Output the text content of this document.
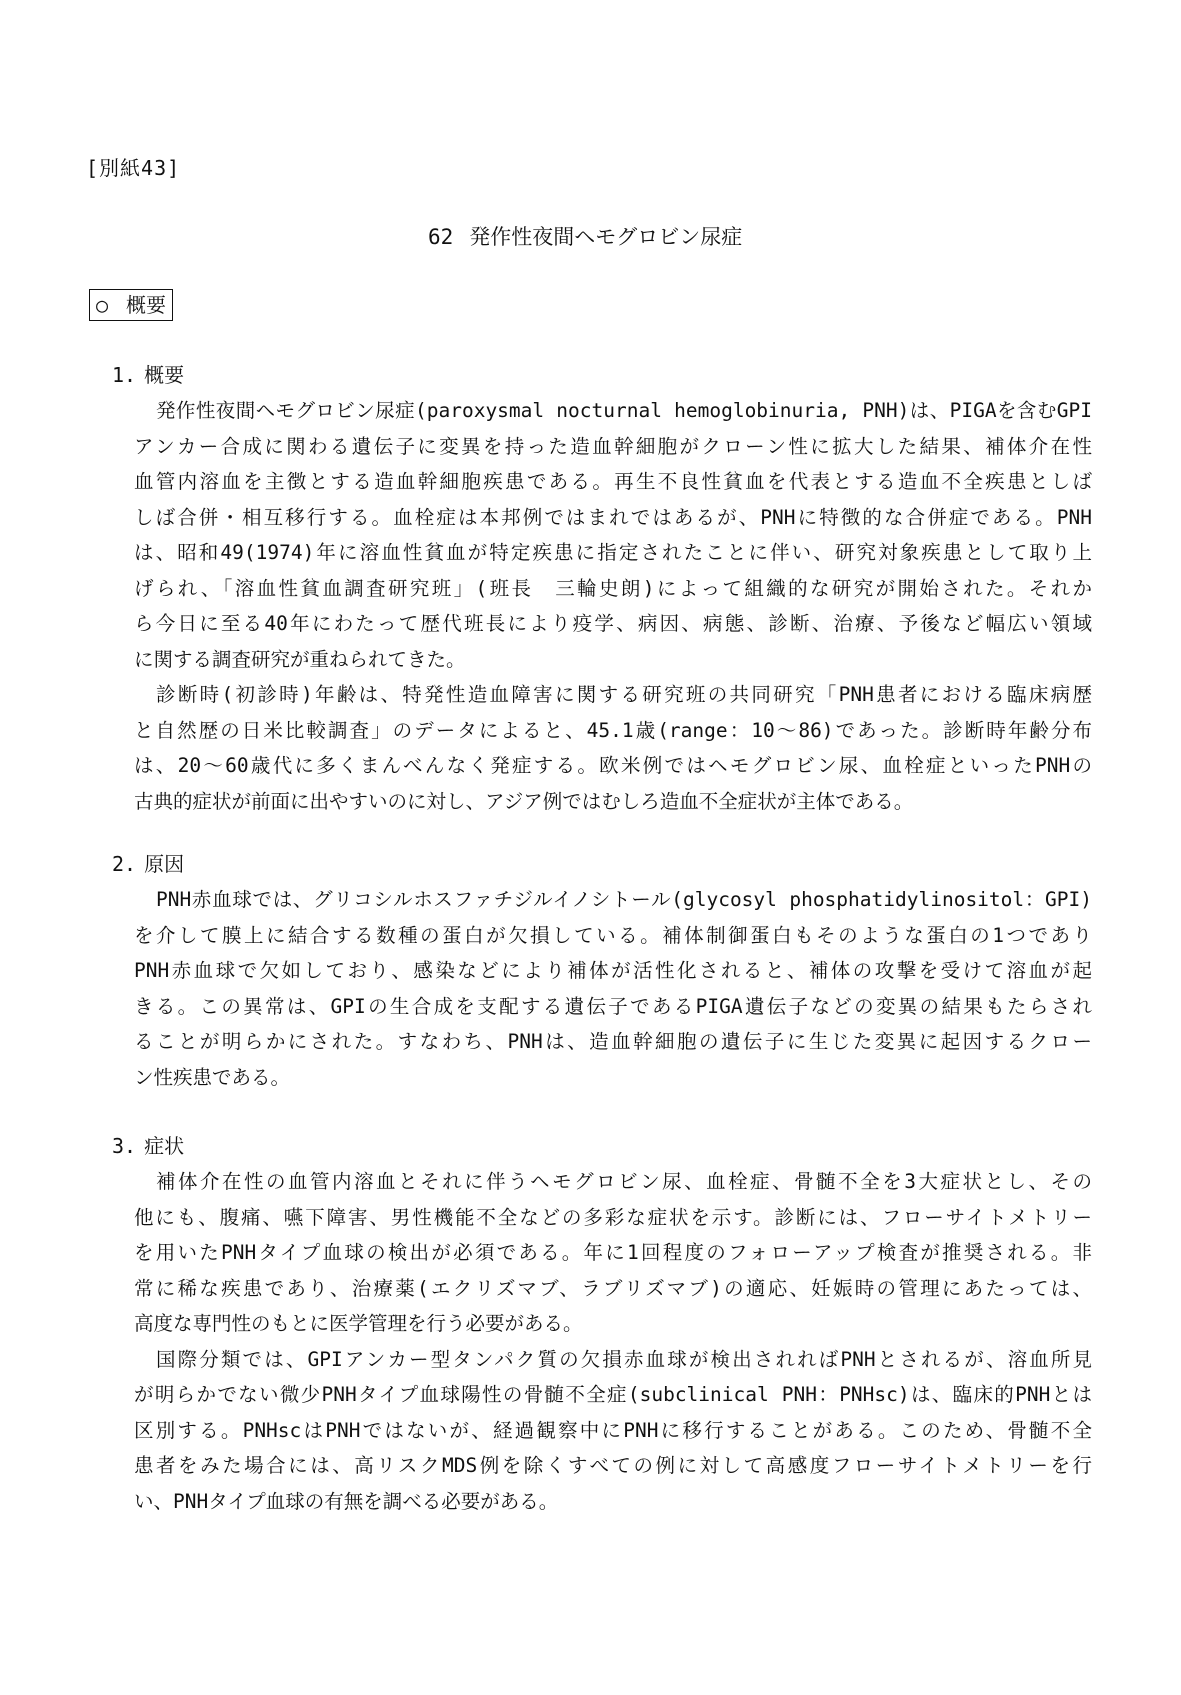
[別紙43]
62 発作性夜間ヘモグロビン尿症
○ 概要
1. 概要
発作性夜間ヘモグロビン尿症(paroxysmal nocturnal hemoglobinuria, PNH)は、PIGAを含むGPI
アンカー合成に関わる遺伝子に変異を持った造血幹細胞がクローン性に拡大した結果、補体介在性
血管内溶血を主徴とする造血幹細胞疾患である。再生不良性貧血を代表とする造血不全疾患としば
しば合併・相互移行する。血栓症は本邦例ではまれではあるが、PNHに特徴的な合併症である。PNH
は、昭和49(1974)年に溶血性貧血が特定疾患に指定されたことに伴い、研究対象疾患として取り上
げられ、「溶血性貧血調査研究班」(班長　三輪史朗)によって組織的な研究が開始された。それか
ら今日に至る40年にわたって歴代班長により疫学、病因、病態、診断、治療、予後など幅広い領域
に関する調査研究が重ねられてきた。
診断時(初診時)年齢は、特発性造血障害に関する研究班の共同研究「PNH患者における臨床病歴
と自然歴の日米比較調査」のデータによると、45.1歳(range：10〜86)であった。診断時年齢分布
は、20〜60歳代に多くまんべんなく発症する。欧米例ではヘモグロビン尿、血栓症といったPNHの
古典的症状が前面に出やすいのに対し、アジア例ではむしろ造血不全症状が主体である。
2. 原因
PNH赤血球では、グリコシルホスファチジルイノシトール(glycosyl phosphatidylinositol：GPI)
を介して膜上に結合する数種の蛋白が欠損している。補体制御蛋白もそのような蛋白の1つであり
PNH赤血球で欠如しており、感染などにより補体が活性化されると、補体の攻撃を受けて溶血が起
きる。この異常は、GPIの生合成を支配する遺伝子であるPIGA遺伝子などの変異の結果もたらされ
ることが明らかにされた。すなわち、PNHは、造血幹細胞の遺伝子に生じた変異に起因するクロー
ン性疾患である。
3. 症状
補体介在性の血管内溶血とそれに伴うヘモグロビン尿、血栓症、骨髄不全を3大症状とし、その
他にも、腹痛、嚥下障害、男性機能不全などの多彩な症状を示す。診断には、フローサイトメトリー
を用いたPNHタイプ血球の検出が必須である。年に1回程度のフォローアップ検査が推奨される。非
常に稀な疾患であり、治療薬(エクリズマブ、ラブリズマブ)の適応、妊娠時の管理にあたっては、
高度な専門性のもとに医学管理を行う必要がある。
国際分類では、GPIアンカー型タンパク質の欠損赤血球が検出されればPNHとされるが、溶血所見
が明らかでない微少PNHタイプ血球陽性の骨髄不全症(subclinical PNH：PNHsc)は、臨床的PNHとは
区別する。PNHscはPNHではないが、経過観察中にPNHに移行することがある。このため、骨髄不全
患者をみた場合には、高リスクMDS例を除くすべての例に対して高感度フローサイトメトリーを行
い、PNHタイプ血球の有無を調べる必要がある。
